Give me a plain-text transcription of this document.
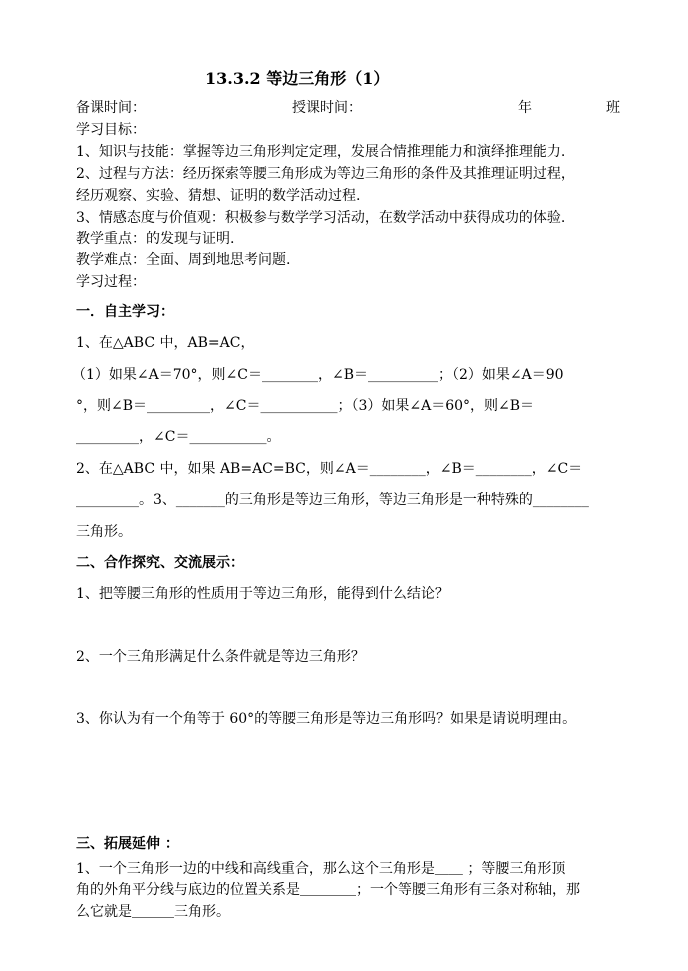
13.3.2 等边三角形（1）
备课时间：	授课时间：	年	班
学习目标：
1、知识与技能：掌握等边三角形判定定理，发展合情推理能力和演绎推理能力.
2、过程与方法：经历探索等腰三角形成为等边三角形的条件及其推理证明过程，
经历观察、实验、猜想、证明的数学活动过程.
3、情感态度与价值观：积极参与数学学习活动，在数学活动中获得成功的体验.
教学重点：的发现与证明.
教学难点：全面、周到地思考问题.
学习过程：
一．自主学习：
1、在△ABC 中，AB=AC，
（1）如果∠A＝70°，则∠C＝________，∠B＝__________；（2）如果∠A＝90
°，则∠B＝_________，∠C＝___________；（3）如果∠A＝60°，则∠B＝
_________，∠C＝___________。
2、在△ABC 中，如果 AB=AC=BC，则∠A＝________，∠B＝________，∠C＝
_________。3、_______的三角形是等边三角形，等边三角形是一种特殊的________
三角形。
二、合作探究、交流展示：
1、把等腰三角形的性质用于等边三角形，能得到什么结论？
2、一个三角形满足什么条件就是等边三角形？
3、你认为有一个角等于 60°的等腰三角形是等边三角形吗？如果是请说明理由。
三、拓展延伸 ：
1、一个三角形一边的中线和高线重合，那么这个三角形是＿＿ ；等腰三角形顶
角的外角平分线与底边的位置关系是＿＿＿＿；一个等腰三角形有三条对称轴，那
么它就是＿＿＿三角形。
